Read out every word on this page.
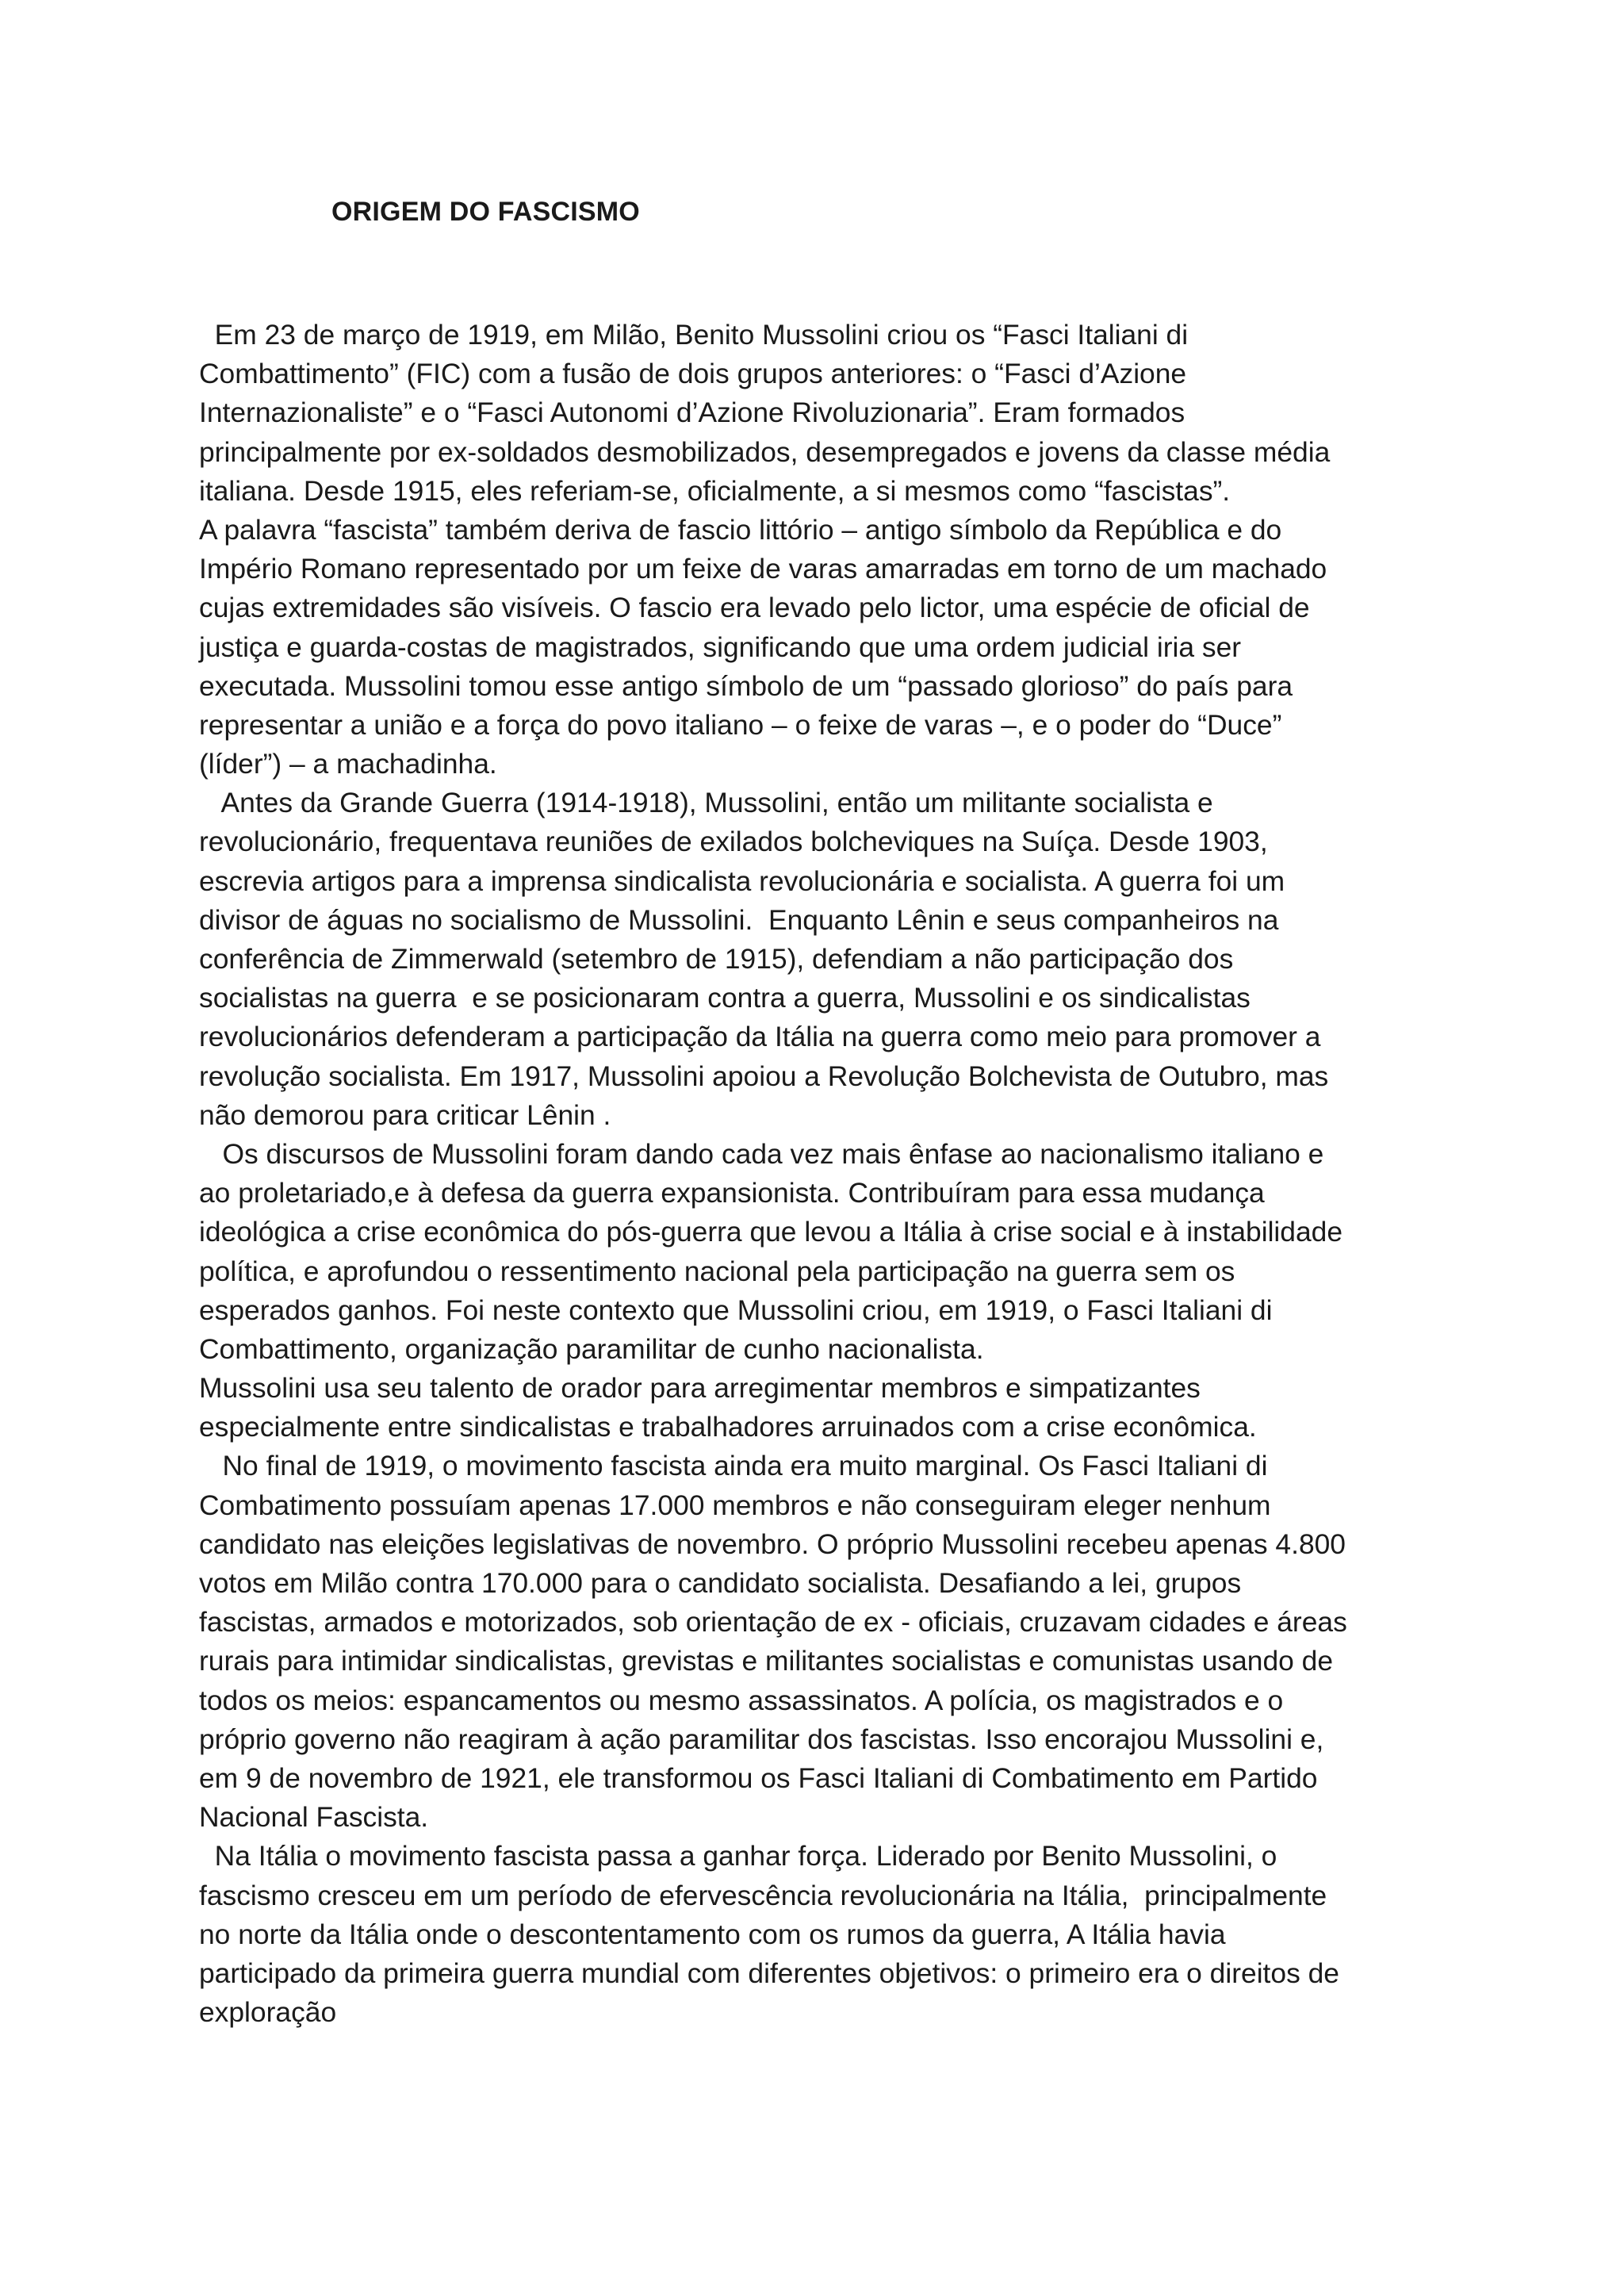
ORIGEM DO FASCISMO
Em 23 de março de 1919, em Milão, Benito Mussolini criou os “Fasci Italiani di
Combattimento” (FIC) com a fusão de dois grupos anteriores: o “Fasci d’Azione
Internazionaliste” e o “Fasci Autonomi d’Azione Rivoluzionaria”. Eram formados
principalmente por ex-soldados desmobilizados, desempregados e jovens da classe média
italiana. Desde 1915, eles referiam-se, oficialmente, a si mesmos como “fascistas”.
A palavra “fascista” também deriva de fascio littório – antigo símbolo da República e do
Império Romano representado por um feixe de varas amarradas em torno de um machado
cujas extremidades são visíveis. O fascio era levado pelo lictor, uma espécie de oficial de
justiça e guarda-costas de magistrados, significando que uma ordem judicial iria ser
executada. Mussolini tomou esse antigo símbolo de um “passado glorioso” do país para
representar a união e a força do povo italiano – o feixe de varas –, e o poder do “Duce”
(líder”) – a machadinha.
Antes da Grande Guerra (1914-1918), Mussolini, então um militante socialista e
revolucionário, frequentava reuniões de exilados bolcheviques na Suíça. Desde 1903,
escrevia artigos para a imprensa sindicalista revolucionária e socialista. A guerra foi um
divisor de águas no socialismo de Mussolini.  Enquanto Lênin e seus companheiros na
conferência de Zimmerwald (setembro de 1915), defendiam a não participação dos
socialistas na guerra  e se posicionaram contra a guerra, Mussolini e os sindicalistas
revolucionários defenderam a participação da Itália na guerra como meio para promover a
revolução socialista. Em 1917, Mussolini apoiou a Revolução Bolchevista de Outubro, mas
não demorou para criticar Lênin .
Os discursos de Mussolini foram dando cada vez mais ênfase ao nacionalismo italiano e
ao proletariado,e à defesa da guerra expansionista. Contribuíram para essa mudança
ideológica a crise econômica do pós-guerra que levou a Itália à crise social e à instabilidade
política, e aprofundou o ressentimento nacional pela participação na guerra sem os
esperados ganhos. Foi neste contexto que Mussolini criou, em 1919, o Fasci Italiani di
Combattimento, organização paramilitar de cunho nacionalista.
Mussolini usa seu talento de orador para arregimentar membros e simpatizantes
especialmente entre sindicalistas e trabalhadores arruinados com a crise econômica.
No final de 1919, o movimento fascista ainda era muito marginal. Os Fasci Italiani di
Combatimento possuíam apenas 17.000 membros e não conseguiram eleger nenhum
candidato nas eleições legislativas de novembro. O próprio Mussolini recebeu apenas 4.800
votos em Milão contra 170.000 para o candidato socialista. Desafiando a lei, grupos
fascistas, armados e motorizados, sob orientação de ex - oficiais, cruzavam cidades e áreas
rurais para intimidar sindicalistas, grevistas e militantes socialistas e comunistas usando de
todos os meios: espancamentos ou mesmo assassinatos. A polícia, os magistrados e o
próprio governo não reagiram à ação paramilitar dos fascistas. Isso encorajou Mussolini e,
em 9 de novembro de 1921, ele transformou os Fasci Italiani di Combatimento em Partido
Nacional Fascista.
Na Itália o movimento fascista passa a ganhar força. Liderado por Benito Mussolini, o
fascismo cresceu em um período de efervescência revolucionária na Itália,  principalmente
no norte da Itália onde o descontentamento com os rumos da guerra, A Itália havia
participado da primeira guerra mundial com diferentes objetivos: o primeiro era o direitos de
exploração
